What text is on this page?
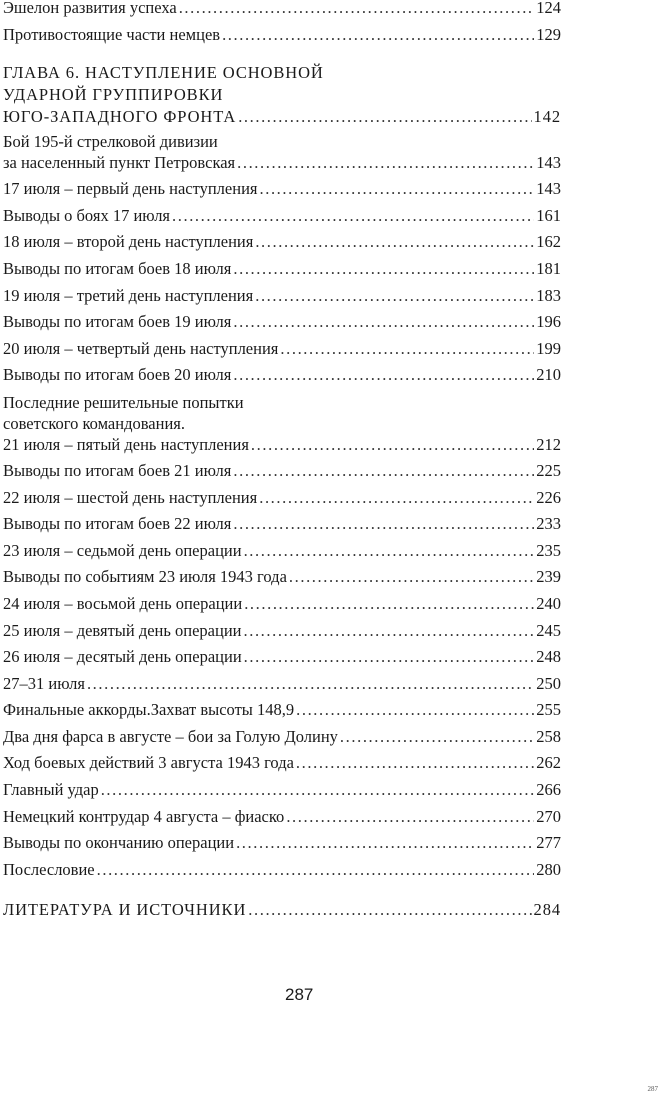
Эшелон развития успеха .....	124
Противостоящие части немцев .....	129
ГЛАВА 6. НАСТУПЛЕНИЕ ОСНОВНОЙ
УДАРНОЙ ГРУППИРОВКИ
ЮГО-ЗАПАДНОГО ФРОНТА .....	142
Бой 195-й стрелковой дивизии
за населенный пункт Петровская .....	143
17 июля – первый день наступления .....	143
Выводы о боях 17 июля .....	161
18 июля – второй день наступления .....	162
Выводы по итогам боев 18 июля .....	181
19 июля – третий день наступления .....	183
Выводы по итогам боев 19 июля .....	196
20 июля – четвертый день наступления .....	199
Выводы по итогам боев 20 июля .....	210
Последние решительные попытки
советского командования.
21 июля – пятый день наступления .....	212
Выводы по итогам боев 21 июля .....	225
22 июля – шестой день наступления .....	226
Выводы по итогам боев 22 июля .....	233
23 июля – седьмой день операции .....	235
Выводы по событиям 23 июля 1943 года .....	239
24 июля – восьмой день операции .....	240
25 июля – девятый день операции .....	245
26 июля – десятый день операции .....	248
27–31 июля .....	250
Финальные аккорды.Захват высоты 148,9 .....	255
Два дня фарса в августе – бои за Голую Долину .....	258
Ход боевых действий 3 августа 1943 года .....	262
Главный удар .....	266
Немецкий контрудар 4 августа – фиаско .....	270
Выводы по окончанию операции .....	277
Послесловие .....	280
ЛИТЕРАТУРА И ИСТОЧНИКИ .....	284
287
287
